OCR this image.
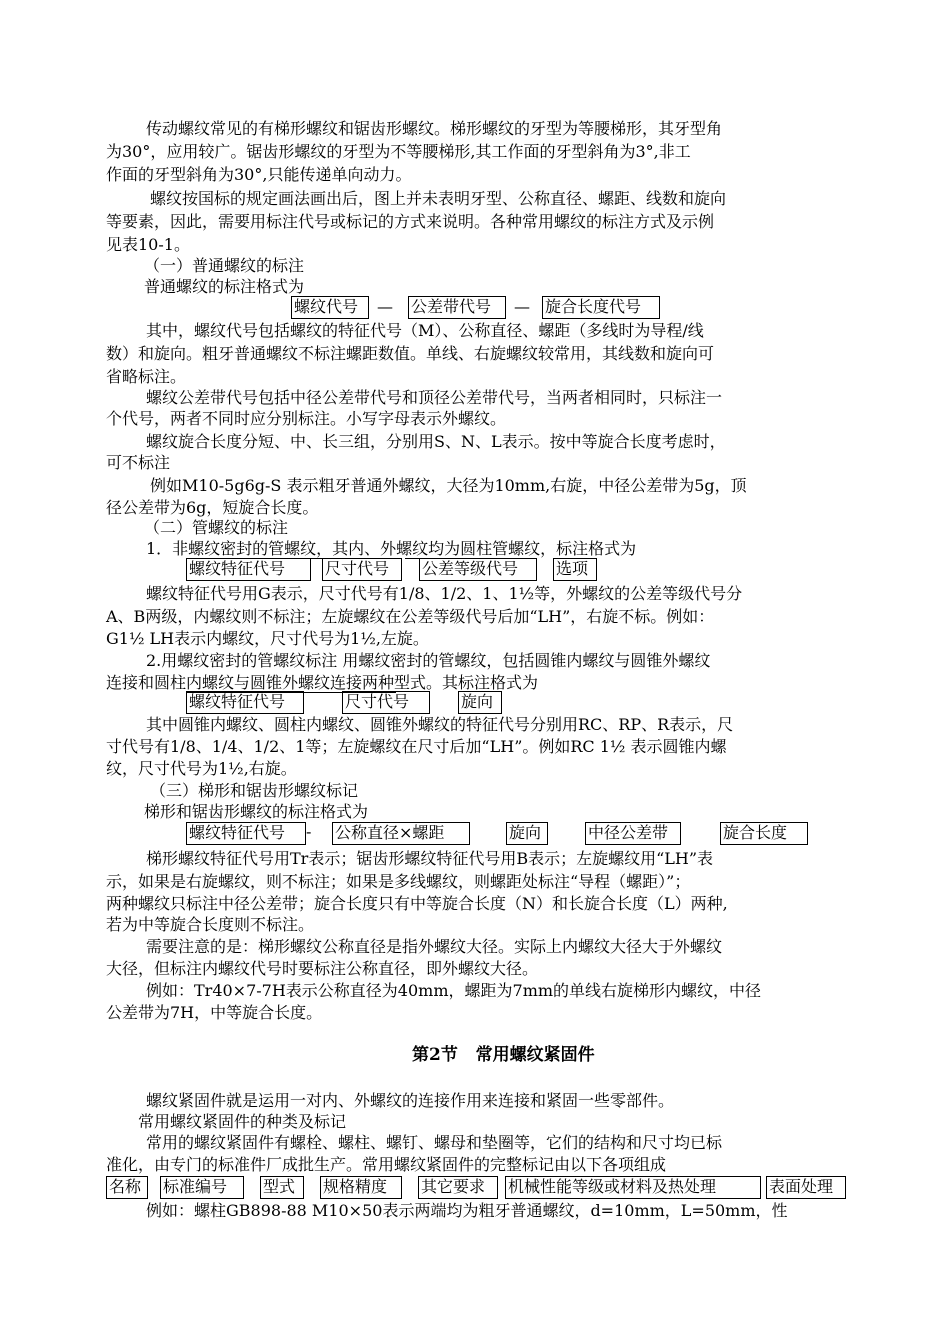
传动螺纹常见的有梯形螺纹和锯齿形螺纹。梯形螺纹的牙型为等腰梯形，其牙型角
为30°，应用较广。锯齿形螺纹的牙型为不等腰梯形,其工作面的牙型斜角为3°,非工
作面的牙型斜角为30°,只能传递单向动力。
螺纹按国标的规定画法画出后，图上并未表明牙型、公称直径、螺距、线数和旋向
等要素，因此，需要用标注代号或标记的方式来说明。各种常用螺纹的标注方式及示例
见表10-1。
（一）普通螺纹的标注
普通螺纹的标注格式为
螺纹代号	— 公差带代号	— 旋合长度代号
其中，螺纹代号包括螺纹的特征代号（M）、公称直径、螺距（多线时为导程/线
数）和旋向。粗牙普通螺纹不标注螺距数值。单线、右旋螺纹较常用，其线数和旋向可
省略标注。
螺纹公差带代号包括中径公差带代号和顶径公差带代号，当两者相同时，只标注一
个代号，两者不同时应分别标注。小写字母表示外螺纹。
螺纹旋合长度分短、中、长三组，分别用S、N、L表示。按中等旋合长度考虑时，
可不标注
例如M10-5g6g-S 表示粗牙普通外螺纹，大径为10mm,右旋，中径公差带为5g，顶
径公差带为6g，短旋合长度。
（二）管螺纹的标注
1．非螺纹密封的管螺纹，其内、外螺纹均为圆柱管螺纹，标注格式为
螺纹特征代号	尺寸代号	公差等级代号	选项
螺纹特征代号用G表示，尺寸代号有1/8、1/2、1、1½等，外螺纹的公差等级代号分
A、B两级，内螺纹则不标注；左旋螺纹在公差等级代号后加“LH”，右旋不标。例如：
G1½ LH表示内螺纹，尺寸代号为1½,左旋。
2.用螺纹密封的管螺纹标注 用螺纹密封的管螺纹，包括圆锥内螺纹与圆锥外螺纹
连接和圆柱内螺纹与圆锥外螺纹连接两种型式。其标注格式为
螺纹特征代号	尺寸代号	旋向
其中圆锥内螺纹、圆柱内螺纹、圆锥外螺纹的特征代号分别用RC、RP、R表示，尺
寸代号有1/8、1/4、1/2、1等；左旋螺纹在尺寸后加“LH”。例如RC 1½ 表示圆锥内螺
纹，尺寸代号为1½,右旋。
（三）梯形和锯齿形螺纹标记
梯形和锯齿形螺纹的标注格式为
螺纹特征代号	- 公称直径×螺距	旋向	中径公差带	旋合长度
梯形螺纹特征代号用Tr表示；锯齿形螺纹特征代号用B表示；左旋螺纹用“LH”表
示，如果是右旋螺纹，则不标注；如果是多线螺纹，则螺距处标注“导程（螺距）”；
两种螺纹只标注中径公差带；旋合长度只有中等旋合长度（N）和长旋合长度（L）两种,
若为中等旋合长度则不标注。
需要注意的是：梯形螺纹公称直径是指外螺纹大径。实际上内螺纹大径大于外螺纹
大径，但标注内螺纹代号时要标注公称直径，即外螺纹大径。
例如：Tr40×7-7H表示公称直径为40mm，螺距为7mm的单线右旋梯形内螺纹，中径
公差带为7H，中等旋合长度。
第2节   常用螺纹紧固件
螺纹紧固件就是运用一对内、外螺纹的连接作用来连接和紧固一些零部件。
常用螺纹紧固件的种类及标记
常用的螺纹紧固件有螺栓、螺柱、螺钉、螺母和垫圈等，它们的结构和尺寸均已标
准化，由专门的标准件厂成批生产。常用螺纹紧固件的完整标记由以下各项组成
名称	标准编号	型式	规格精度	其它要求	机械性能等级或材料及热处理	表面处理
例如：螺柱GB898-88 M10×50表示两端均为粗牙普通螺纹，d=10mm，L=50mm，性
